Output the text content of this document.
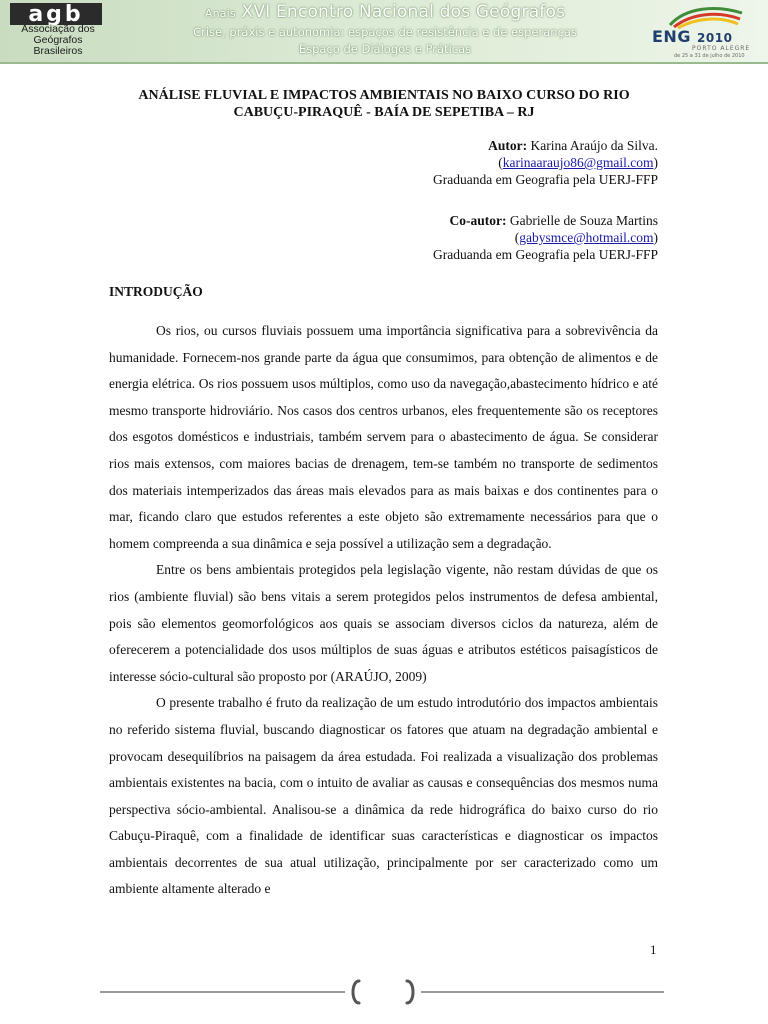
agb
Associação dos
Geógrafos
Brasileiros
Anais XVI Encontro Nacional dos Geógrafos
Crise, práxis e autonomia: espaços de resistência e de esperanças
Espaço de Diálogos e Práticas
ENG 2010
PORTO ALEGRE
de 25 a 31 de julho de 2010
ANÁLISE FLUVIAL E IMPACTOS AMBIENTAIS NO BAIXO CURSO DO RIO
CABUÇU-PIRAQUÊ - BAÍA DE SEPETIBA – RJ
Autor: Karina Araújo da Silva.
(karinaaraujo86@gmail.com)
Graduanda em Geografia pela UERJ-FFP
Co-autor: Gabrielle de Souza Martins
(gabysmce@hotmail.com)
Graduanda em Geografia pela UERJ-FFP
INTRODUÇÃO

Os rios, ou cursos fluviais possuem uma importância significativa para a sobrevivência da humanidade. Fornecem-nos grande parte da água que consumimos, para obtenção de alimentos e de energia elétrica. Os rios possuem usos múltiplos, como uso da navegação,abastecimento hídrico e até mesmo transporte hidroviário. Nos casos dos centros urbanos, eles frequentemente são os receptores dos esgotos domésticos e industriais, também servem para o abastecimento de água. Se considerar rios mais extensos, com maiores bacias de drenagem, tem-se também no transporte de sedimentos dos materiais intemperizados das áreas mais elevados para as mais baixas e dos continentes para o mar, ficando claro que estudos referentes a este objeto são extremamente necessários para que o homem compreenda a sua dinâmica e seja possível a utilização sem a degradação.

Entre os bens ambientais protegidos pela legislação vigente, não restam dúvidas de que os rios (ambiente fluvial) são bens vitais a serem protegidos pelos instrumentos de defesa ambiental, pois são elementos geomorfológicos aos quais se associam diversos ciclos da natureza, além de oferecerem a potencialidade dos usos múltiplos de suas águas e atributos estéticos paisagísticos de interesse sócio-cultural são proposto por (ARAÚJO, 2009)

O presente trabalho é fruto da realização de um estudo introdutório dos impactos ambientais no referido sistema fluvial, buscando diagnosticar os fatores que atuam na degradação ambiental e provocam desequilíbrios na paisagem da área estudada. Foi realizada a visualização dos problemas ambientais existentes na bacia, com o intuito de avaliar as causas e consequências dos mesmos numa perspectiva sócio-ambiental. Analisou-se a dinâmica da rede hidrográfica do baixo curso do rio Cabuçu-Piraquê, com a finalidade de identificar suas características e diagnosticar os impactos ambientais decorrentes de sua atual utilização, principalmente por ser caracterizado como um ambiente altamente alterado e

1
